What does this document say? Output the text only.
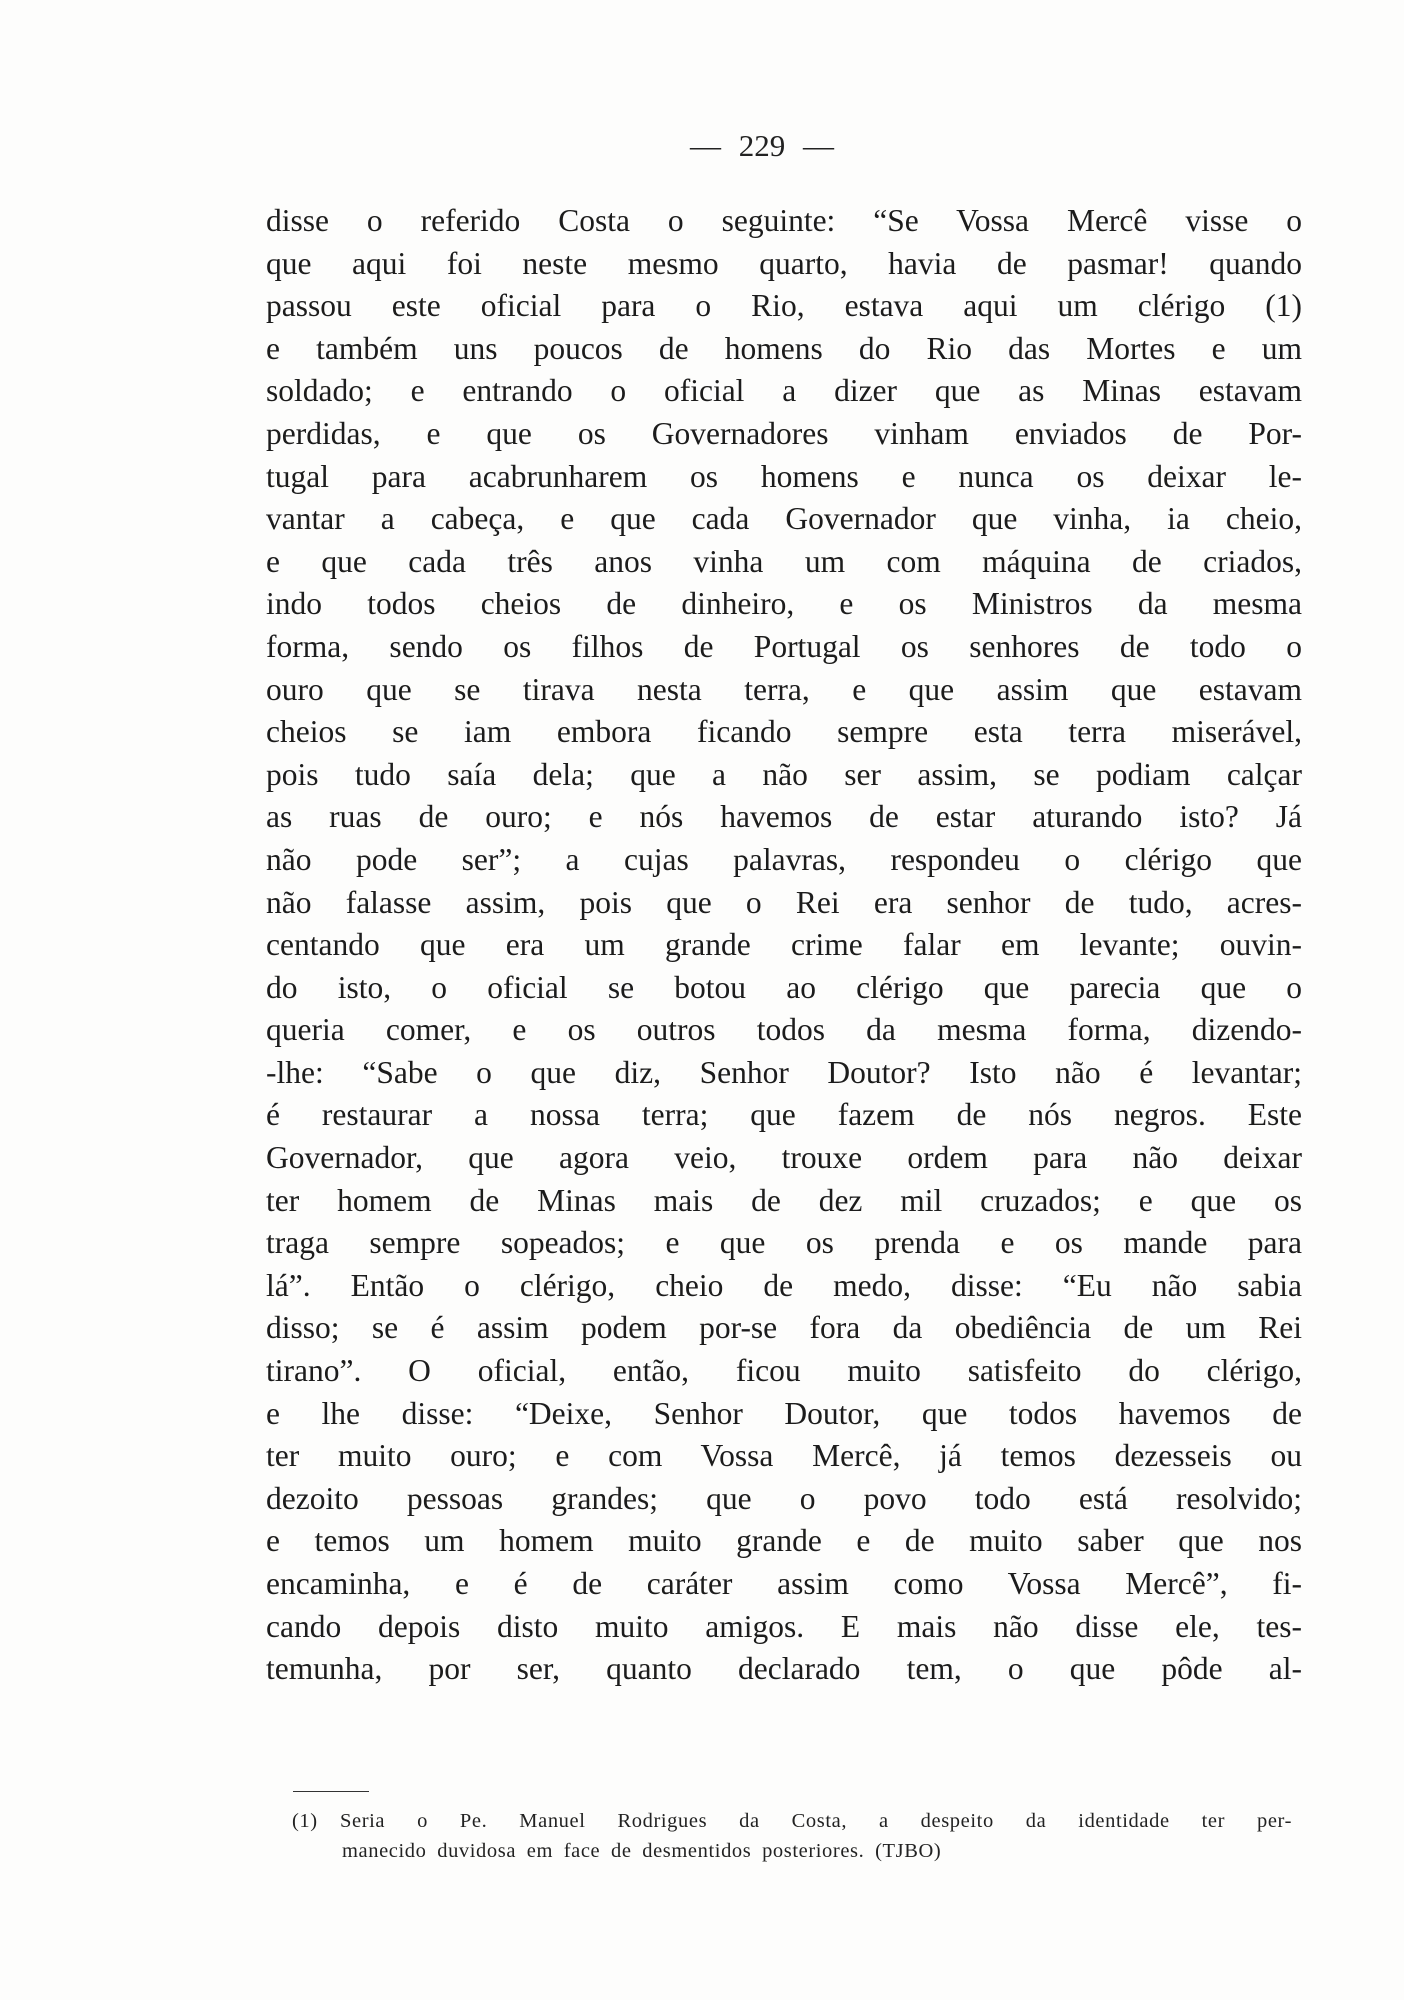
— 229 —
disse o referido Costa o seguinte: “Se Vossa Mercê visse o
que aqui foi neste mesmo quarto, havia de pasmar! quando
passou este oficial para o Rio, estava aqui um clérigo (1)
e também uns poucos de homens do Rio das Mortes e um
soldado; e entrando o oficial a dizer que as Minas estavam
perdidas, e que os Governadores vinham enviados de Por-
tugal para acabrunharem os homens e nunca os deixar le-
vantar a cabeça, e que cada Governador que vinha, ia cheio,
e que cada três anos vinha um com máquina de criados,
indo todos cheios de dinheiro, e os Ministros da mesma
forma, sendo os filhos de Portugal os senhores de todo o
ouro que se tirava nesta terra, e que assim que estavam
cheios se iam embora ficando sempre esta terra miserável,
pois tudo saía dela; que a não ser assim, se podiam calçar
as ruas de ouro; e nós havemos de estar aturando isto? Já
não pode ser”; a cujas palavras, respondeu o clérigo que
não falasse assim, pois que o Rei era senhor de tudo, acres-
centando que era um grande crime falar em levante; ouvin-
do isto, o oficial se botou ao clérigo que parecia que o
queria comer, e os outros todos da mesma forma, dizendo-
-lhe: “Sabe o que diz, Senhor Doutor? Isto não é levantar;
é restaurar a nossa terra; que fazem de nós negros. Este
Governador, que agora veio, trouxe ordem para não deixar
ter homem de Minas mais de dez mil cruzados; e que os
traga sempre sopeados; e que os prenda e os mande para
lá”. Então o clérigo, cheio de medo, disse: “Eu não sabia
disso; se é assim podem por-se fora da obediência de um Rei
tirano”. O oficial, então, ficou muito satisfeito do clérigo,
e lhe disse: “Deixe, Senhor Doutor, que todos havemos de
ter muito ouro; e com Vossa Mercê, já temos dezesseis ou
dezoito pessoas grandes; que o povo todo está resolvido;
e temos um homem muito grande e de muito saber que nos
encaminha, e é de caráter assim como Vossa Mercê”, fi-
cando depois disto muito amigos. E mais não disse ele, tes-
temunha, por ser, quanto declarado tem, o que pôde al-
(1) Seria o Pe. Manuel Rodrigues da Costa, a despeito da identidade ter per-
manecido duvidosa em face de desmentidos posteriores. (TJBO)
